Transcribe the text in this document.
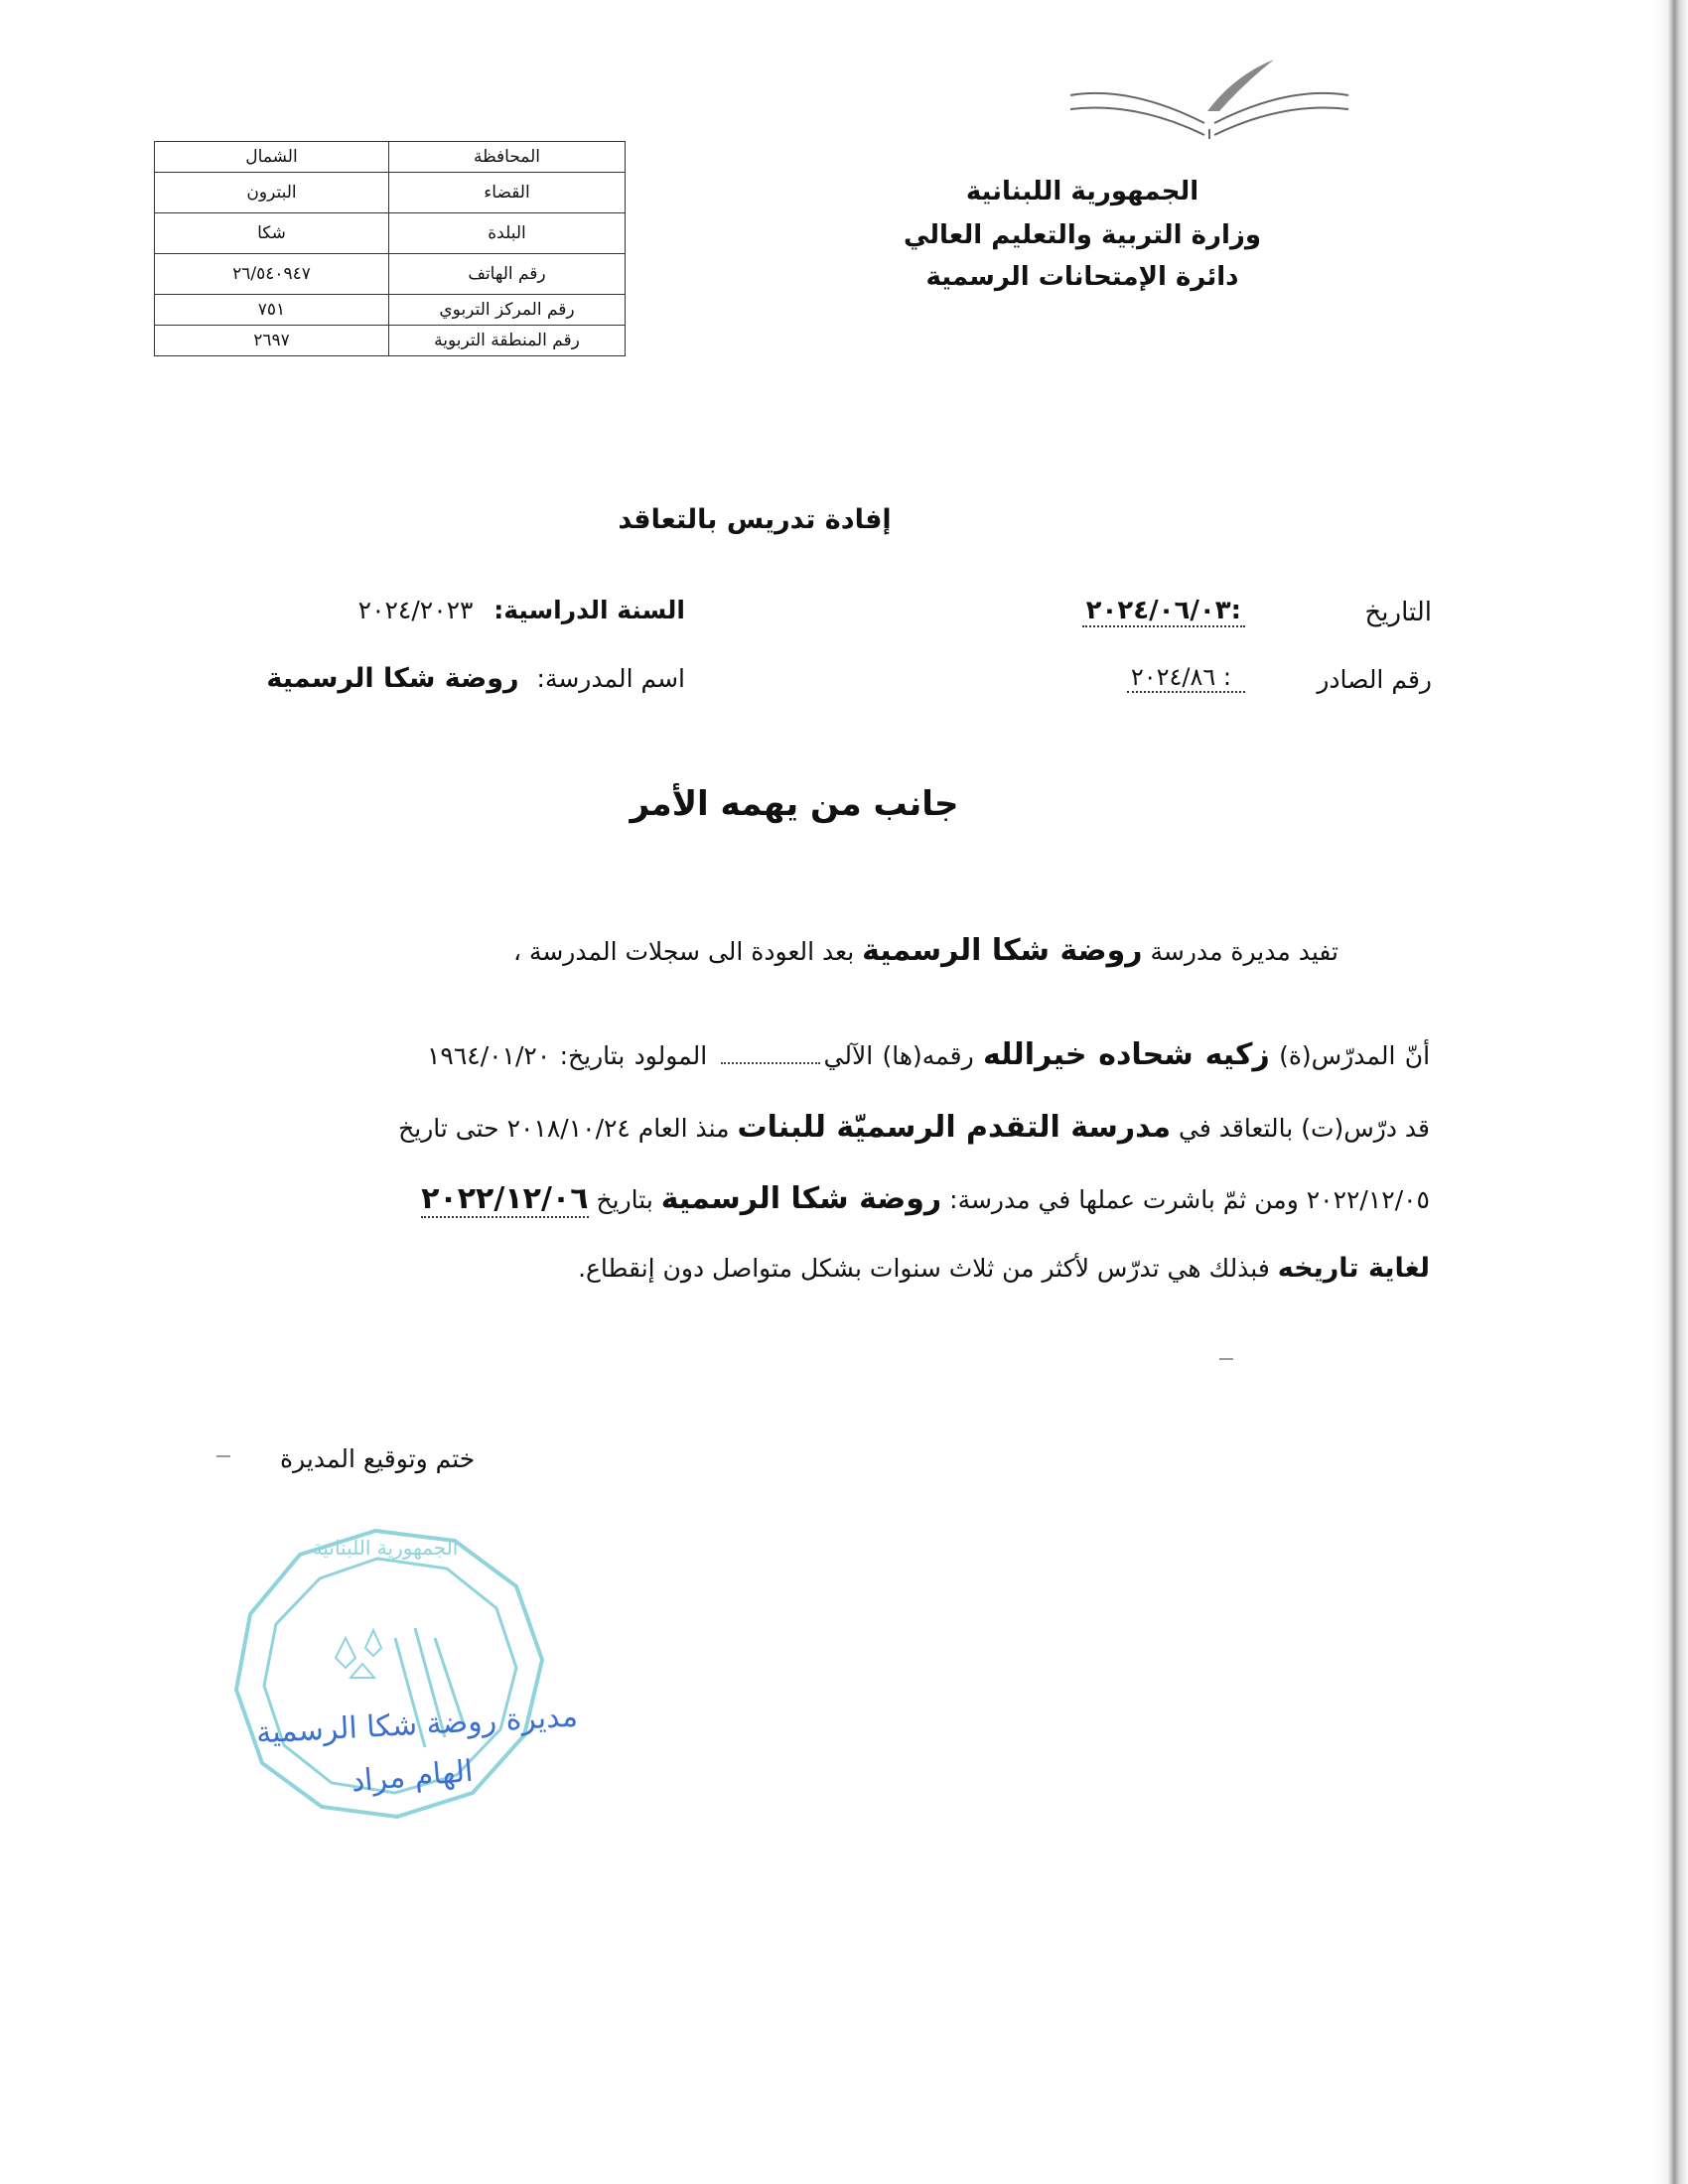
الجمهورية اللبنانية
وزارة التربية والتعليم العالي
دائرة الإمتحانات الرسمية
المحافظة	الشمال
القضاء	البترون
البلدة	شكا
رقم الهاتف	٢٦/٥٤٠٩٤٧
رقم المركز التربوي	٧٥١
رقم المنطقة التربوية	٢٦٩٧
إفادة تدريس بالتعاقد
التاريخ
:٢٠٢٤/٠٦/٠٣
رقم الصادر
: ٢٠٢٤/٨٦
السنة الدراسية: ٢٠٢٤/٢٠٢٣
اسم المدرسة: روضة شكا الرسمية
جانب من يهمه الأمر
تفيد مديرة مدرسة روضة شكا الرسمية بعد العودة الى سجلات المدرسة ،
أنّ المدرّس(ة) زكيه شحاده خيرالله رقمه(ها) الآلي المولود بتاريخ: ١٩٦٤/٠١/٢٠
قد درّس(ت) بالتعاقد في مدرسة التقدم الرسميّة للبنات منذ العام ٢٠١٨/١٠/٢٤ حتى تاريخ
٢٠٢٢/١٢/٠٥ ومن ثمّ باشرت عملها في مدرسة: روضة شكا الرسمية بتاريخ ٢٠٢٢/١٢/٠٦
لغاية تاريخه فبذلك هي تدرّس لأكثر من ثلاث سنوات بشكل متواصل دون إنقطاع.
ختم وتوقيع المديرة
الجمهورية اللبنانية
مديرة روضة شكا الرسمية
الهام مراد
